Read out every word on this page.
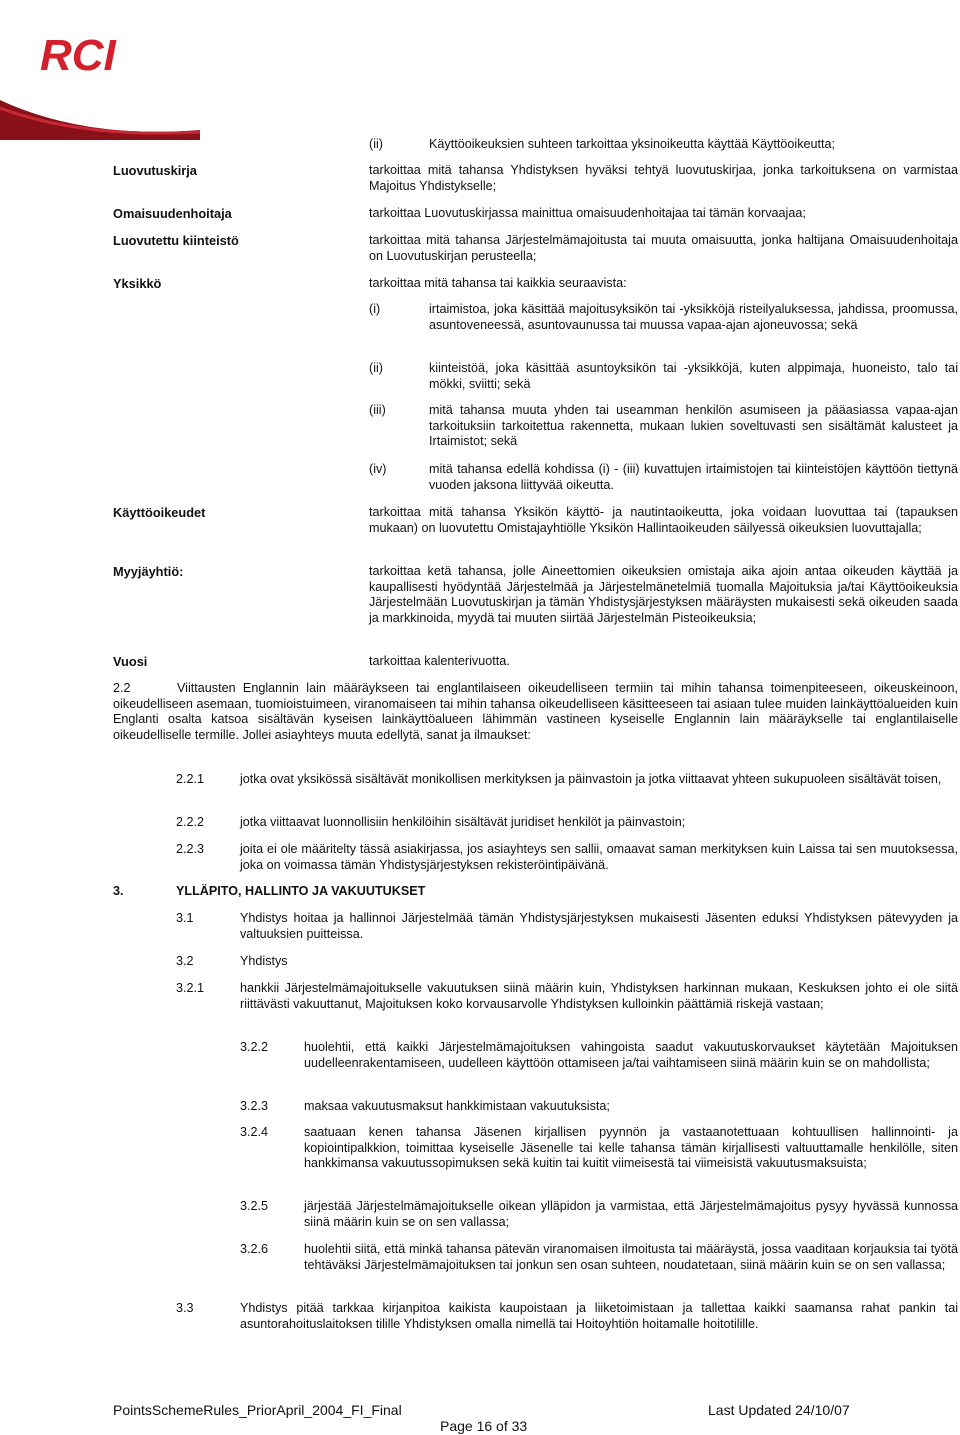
RCI
(ii)	Käyttöoikeuksien suhteen tarkoittaa yksinoikeutta käyttää Käyttöoikeutta;
Luovutuskirja	tarkoittaa mitä tahansa Yhdistyksen hyväksi tehtyä luovutuskirjaa, jonka tarkoituksena on varmistaa Majoitus Yhdistykselle;
Omaisuudenhoitaja	tarkoittaa Luovutuskirjassa mainittua omaisuudenhoitajaa tai tämän korvaajaa;
Luovutettu kiinteistö	tarkoittaa mitä tahansa Järjestelmämajoitusta tai muuta omaisuutta, jonka haltijana Omaisuudenhoitaja on Luovutuskirjan perusteella;
Yksikkö	tarkoittaa mitä tahansa tai kaikkia seuraavista:
(i)	irtaimistoa, joka käsittää majoitusyksikön tai -yksikköjä risteilyaluksessa, jahdissa, proomussa, asuntoveneessä, asuntovaunussa tai muussa vapaa-ajan ajoneuvossa; sekä
(ii)	kiinteistöä, joka käsittää asuntoyksikön tai -yksikköjä, kuten alppimaja, huoneisto, talo tai mökki, sviitti; sekä
(iii)	mitä tahansa muuta yhden tai useamman henkilön asumiseen ja pääasiassa vapaa-ajan tarkoituksiin tarkoitettua rakennetta, mukaan lukien soveltuvasti sen sisältämät kalusteet ja Irtaimistot; sekä
(iv)	mitä tahansa edellä kohdissa (i) - (iii) kuvattujen irtaimistojen tai kiinteistöjen käyttöön tiettynä vuoden jaksona liittyvää oikeutta.
Käyttöoikeudet	tarkoittaa mitä tahansa Yksikön käyttö- ja nautintaoikeutta, joka voidaan luovuttaa tai (tapauksen mukaan) on luovutettu Omistajayhtiölle Yksikön Hallintaoikeuden säilyessä oikeuksien luovuttajalla;
Myyjäyhtiö:	tarkoittaa ketä tahansa, jolle Aineettomien oikeuksien omistaja aika ajoin antaa oikeuden käyttää ja kaupallisesti hyödyntää Järjestelmää ja Järjestelmänetelmiä tuomalla Majoituksia ja/tai Käyttöoikeuksia Järjestelmään Luovutuskirjan ja tämän Yhdistysjärjestyksen määräysten mukaisesti sekä oikeuden saada ja markkinoida, myydä tai muuten siirtää Järjestelmän Pisteoikeuksia;
Vuosi	tarkoittaa kalenterivuotta.
2.2	Viittausten Englannin lain määräykseen tai englantilaiseen oikeudelliseen termiin tai mihin tahansa toimenpiteeseen, oikeuskeinoon, oikeudelliseen asemaan, tuomioistuimeen, viranomaiseen tai mihin tahansa oikeudelliseen käsitteeseen tai asiaan tulee muiden lainkäyttöalueiden kuin Englanti osalta katsoa sisältävän kyseisen lainkäyttöalueen lähimmän vastineen kyseiselle Englannin lain määräykselle tai englantilaiselle oikeudelliselle termille. Jollei asiayhteys muuta edellytä, sanat ja ilmaukset:
2.2.1	jotka ovat yksikössä sisältävät monikollisen merkityksen ja päinvastoin ja jotka viittaavat yhteen sukupuoleen sisältävät toisen,
2.2.2	jotka viittaavat luonnollisiin henkilöihin sisältävät juridiset henkilöt ja päinvastoin;
2.2.3	joita ei ole määritelty tässä asiakirjassa, jos asiayhteys sen sallii, omaavat saman merkityksen kuin Laissa tai sen muutoksessa, joka on voimassa tämän Yhdistysjärjestyksen rekisteröintipäivänä.
3.	YLLÄPITO, HALLINTO JA VAKUUTUKSET
3.1	Yhdistys hoitaa ja hallinnoi Järjestelmää tämän Yhdistysjärjestyksen mukaisesti Jäsenten eduksi Yhdistyksen pätevyyden ja valtuuksien puitteissa.
3.2	Yhdistys
3.2.1	hankkii Järjestelmämajoitukselle vakuutuksen siinä määrin kuin, Yhdistyksen harkinnan mukaan, Keskuksen johto ei ole siitä riittävästi vakuuttanut, Majoituksen koko korvausarvolle Yhdistyksen kulloinkin päättämiä riskejä vastaan;
3.2.2	huolehtii, että kaikki Järjestelmämajoituksen vahingoista saadut vakuutuskorvaukset käytetään Majoituksen uudelleenrakentamiseen, uudelleen käyttöön ottamiseen ja/tai vaihtamiseen siinä määrin kuin se on mahdollista;
3.2.3	maksaa vakuutusmaksut hankkimistaan vakuutuksista;
3.2.4	saatuaan kenen tahansa Jäsenen kirjallisen pyynnön ja vastaanotettuaan kohtuullisen hallinnointi- ja kopiointipalkkion, toimittaa kyseiselle Jäsenelle tai kelle tahansa tämän kirjallisesti valtuuttamalle henkilölle, siten hankkimansa vakuutussopimuksen sekä kuitin tai kuitit viimeisestä tai viimeisistä vakuutusmaksuista;
3.2.5	järjestää Järjestelmämajoitukselle oikean ylläpidon ja varmistaa, että Järjestelmämajoitus pysyy hyvässä kunnossa siinä määrin kuin se on sen vallassa;
3.2.6	huolehtii siitä, että minkä tahansa pätevän viranomaisen ilmoitusta tai määräystä, jossa vaaditaan korjauksia tai työtä tehtäväksi Järjestelmämajoituksen tai jonkun sen osan suhteen, noudatetaan, siinä määrin kuin se on sen vallassa;
3.3	Yhdistys pitää tarkkaa kirjanpitoa kaikista kaupoistaan ja liiketoimistaan ja tallettaa kaikki saamansa rahat pankin tai asuntorahoituslaitoksen tilille Yhdistyksen omalla nimellä tai Hoitoyhtiön hoitamalle hoitotilille.
PointsSchemeRules_PriorApril_2004_FI_Final	Last Updated 24/10/07
Page 16 of 33
